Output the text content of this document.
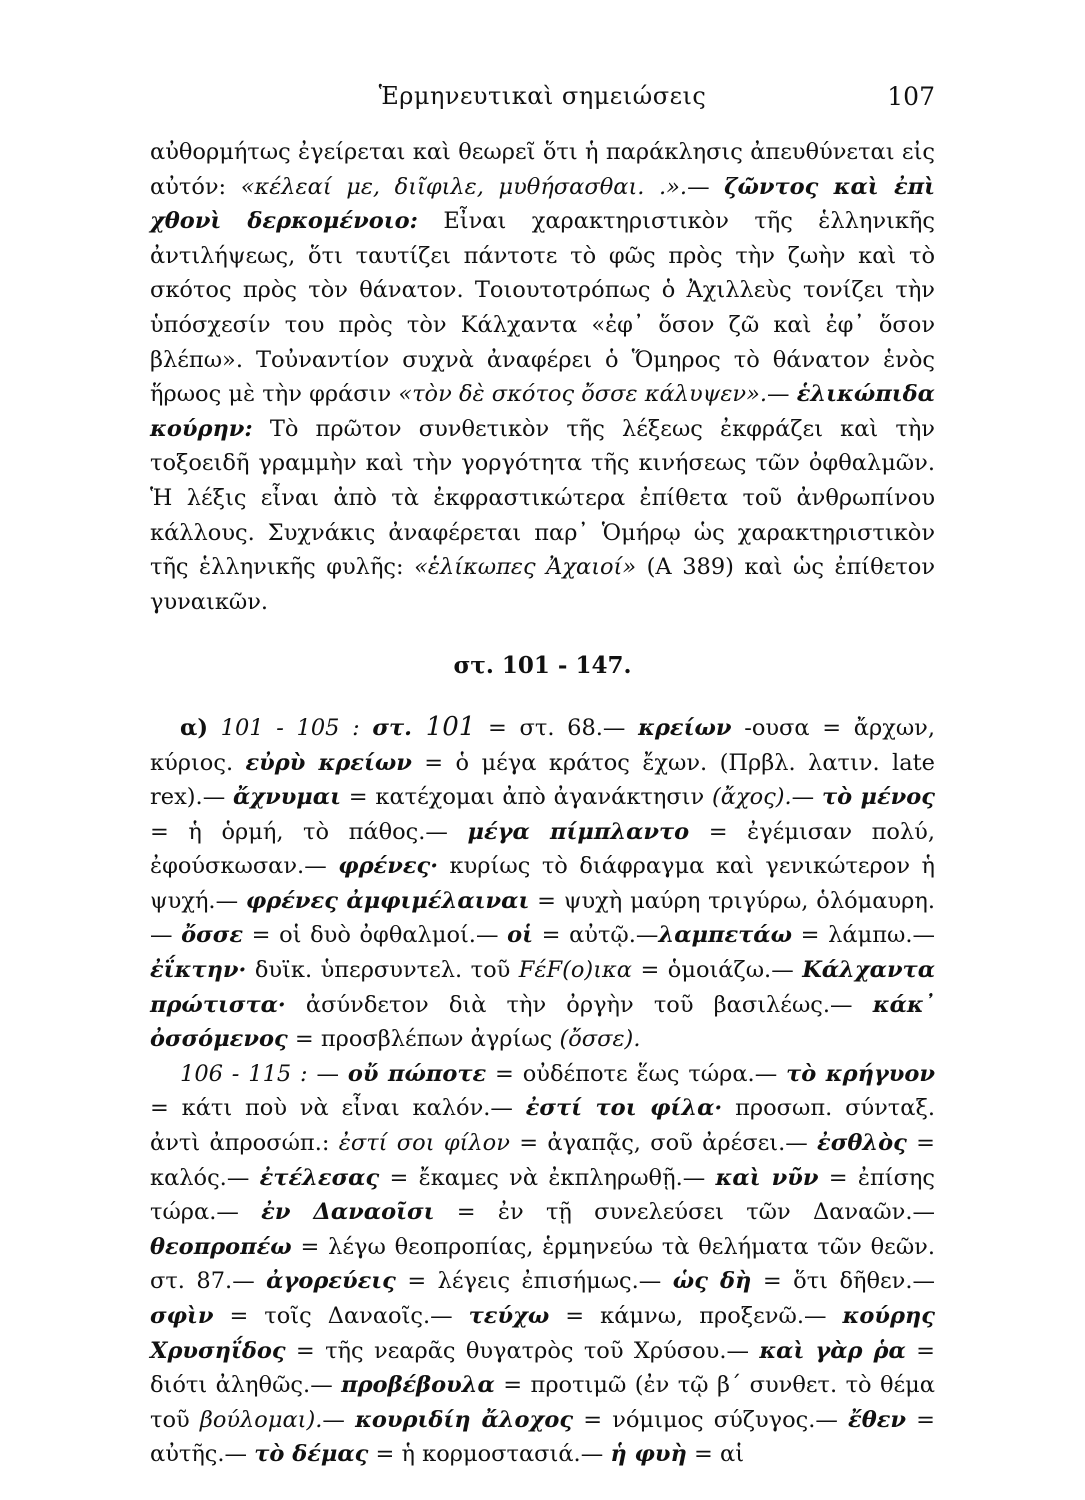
Ἑρμηνευτικαὶ σημειώσεις	107

αὐθορμήτως ἐγείρεται καὶ θεωρεῖ ὅτι ἡ παράκλησις ἀπευθύνεται εἰς αὐτόν: «κέλεαί με, διῖφιλε, μυθήσασθαι. .».— ζῶντος καὶ ἐπὶ χθονὶ δερκομένοιο: Εἶναι χαρακτηριστικὸν τῆς ἑλληνικῆς ἀντιλήψεως, ὅτι ταυτίζει πάντοτε τὸ φῶς πρὸς τὴν ζωὴν καὶ τὸ σκότος πρὸς τὸν θάνατον. Τοιουτοτρόπως ὁ Ἀχιλλεὺς τονίζει τὴν ὑπόσχεσίν του πρὸς τὸν Κάλχαντα «ἐφ᾿ ὅσον ζῶ καὶ ἐφ᾿ ὅσον βλέπω». Τοὐναντίον συχνὰ ἀναφέρει ὁ Ὅμηρος τὸ θάνατον ἑνὸς ἥρωος μὲ τὴν φράσιν «τὸν δὲ σκότος ὄσσε κάλυψεν».— ἑλικώπιδα κούρην: Τὸ πρῶτον συνθετικὸν τῆς λέξεως ἐκφράζει καὶ τὴν τοξοειδῆ γραμμὴν καὶ τὴν γοργότητα τῆς κινήσεως τῶν ὀφθαλμῶν. Ἡ λέξις εἶναι ἀπὸ τὰ ἐκφραστικώτερα ἐπίθετα τοῦ ἀνθρωπίνου κάλλους. Συχνάκις ἀναφέρεται παρ᾿ Ὁμήρῳ ὡς χαρακτηριστικὸν τῆς ἑλληνικῆς φυλῆς: «ἑλίκωπες Ἀχαιοί» (Α 389) καὶ ὡς ἐπίθετον γυναικῶν.

στ. 101 - 147.

α) 101 - 105 : στ. 101 = στ. 68.— κρείων -ουσα = ἄρχων, κύριος. εὐρὺ κρείων = ὁ μέγα κράτος ἔχων. (Πρβλ. λατιν. late rex).— ἄχνυμαι = κατέχομαι ἀπὸ ἀγανάκτησιν (ἄχος).— τὸ μένος = ἡ ὁρμή, τὸ πάθος.— μέγα πίμπλαντο = ἐγέμισαν πολύ, ἐφούσκωσαν.— φρένες· κυρίως τὸ διάφραγμα καὶ γενικώτερον ἡ ψυχή.— φρένες ἀμφιμέλαιναι = ψυχὴ μαύρη τριγύρω, ὁλόμαυρη.— ὄσσε = οἱ δυὸ ὀφθαλμοί.— οἱ = αὐτῷ.—λαμπετάω = λάμπω.— ἐΐκτην· δυϊκ. ὑπερσυντελ. τοῦ FέF(ο)ικα = ὁμοιάζω.— Κάλχαντα πρώτιστα· ἀσύνδετον διὰ τὴν ὀργὴν τοῦ βασιλέως.— κάκ᾿ ὀσσόμενος = προσβλέπων ἀγρίως (ὄσσε).

106 - 115 : — οὔ πώποτε = οὐδέποτε ἕως τώρα.— τὸ κρήγυον = κάτι ποὺ νὰ εἶναι καλόν.— ἐστί τοι φίλα· προσωπ. σύνταξ. ἀντὶ ἀπροσώπ.: ἐστί σοι φίλον = ἀγαπᾷς, σοῦ ἀρέσει.— ἐσθλὸς = καλός.— ἐτέλεσας = ἔκαμες νὰ ἐκπληρωθῇ.— καὶ νῦν = ἐπίσης τώρα.— ἐν Δαναοῖσι = ἐν τῇ συνελεύσει τῶν Δαναῶν.— θεοπροπέω = λέγω θεοπροπίας, ἑρμηνεύω τὰ θελήματα τῶν θεῶν. στ. 87.— ἀγορεύεις = λέγεις ἐπισήμως.— ὡς δὴ = ὅτι δῆθεν.— σφὶν = τοῖς Δαναοῖς.— τεύχω = κάμνω, προξενῶ.— κούρης Χρυσηΐδος = τῆς νεαρᾶς θυγατρὸς τοῦ Χρύσου.— καὶ γὰρ ῥα = διότι ἀληθῶς.— προβέβουλα = προτιμῶ (ἐν τῷ β΄ συνθετ. τὸ θέμα τοῦ βούλομαι).— κουριδίη ἄλοχος = νόμιμος σύζυγος.— ἔθεν = αὐτῆς.— τὸ δέμας = ἡ κορμοστασιά.— ἡ φυὴ = αἱ
